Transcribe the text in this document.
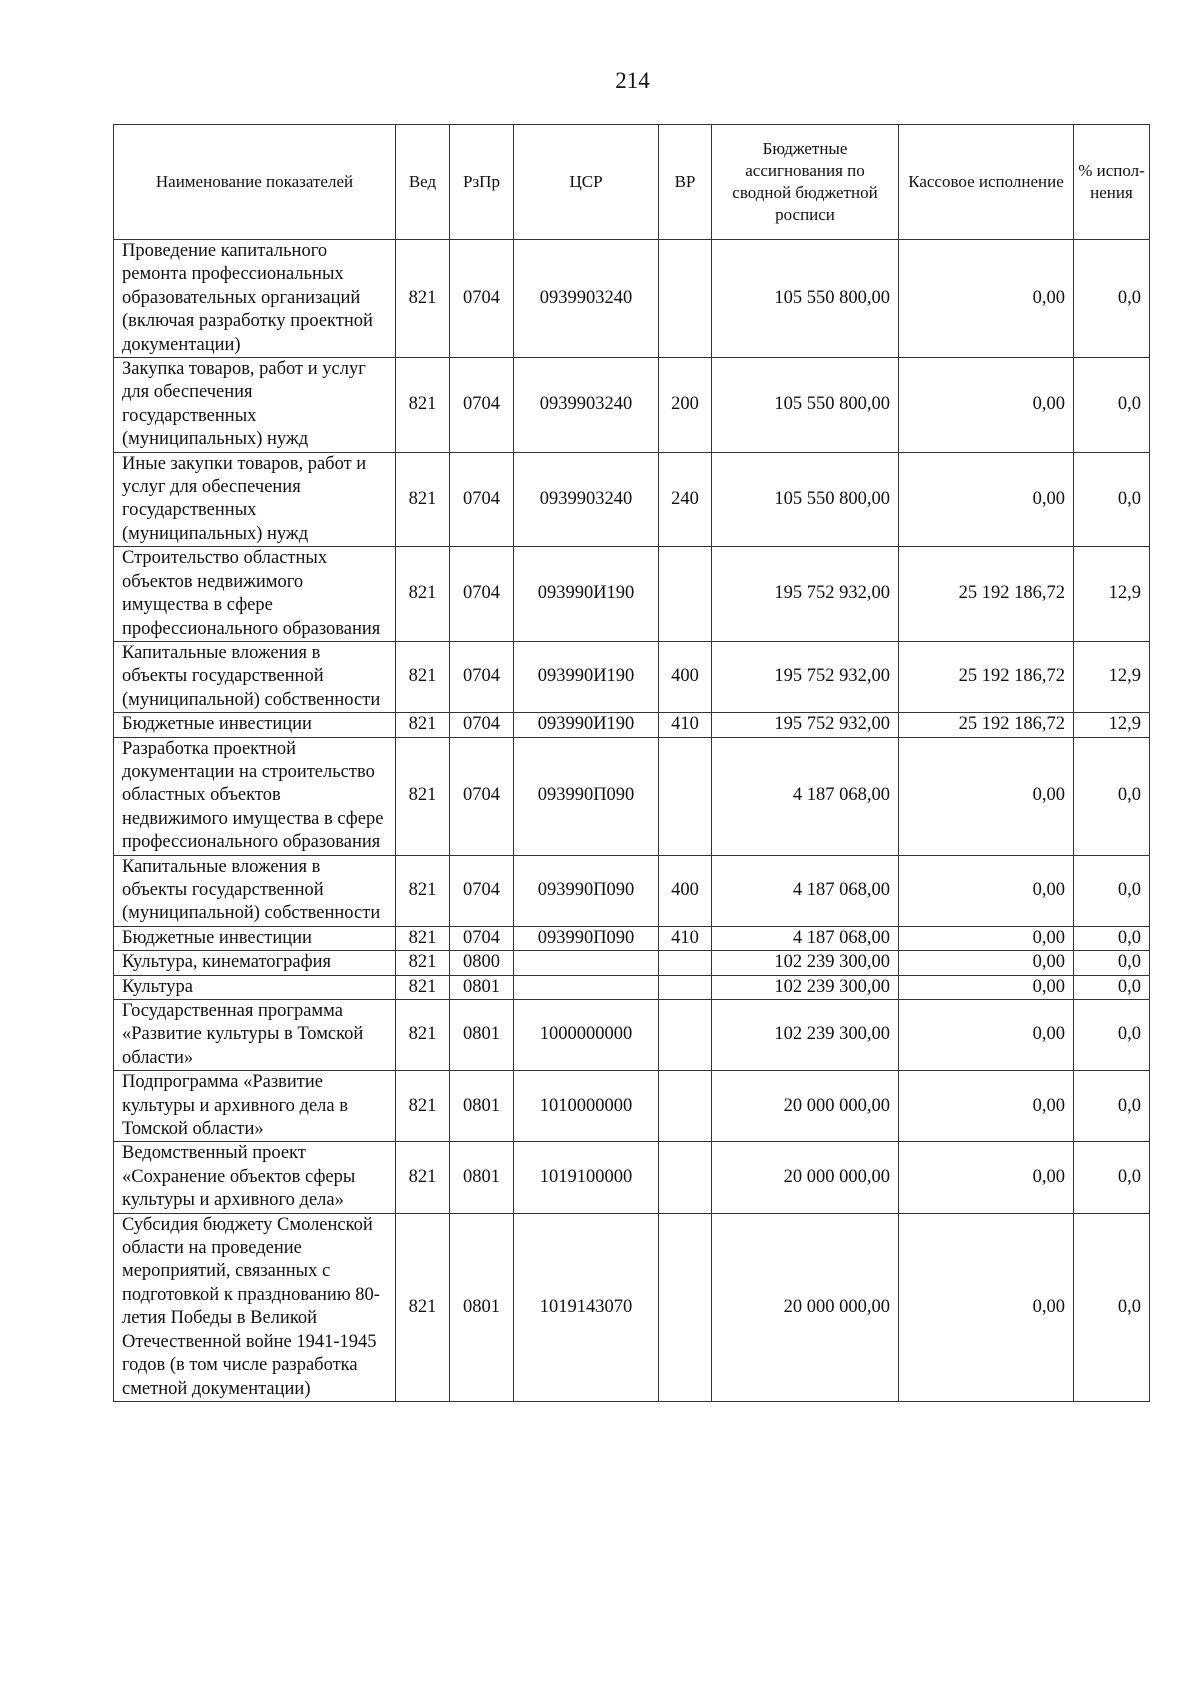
214
Наименование показателей	Вед	РзПр	ЦСР	ВР	Бюджетные ассигнования по сводной бюджетной росписи	Кассовое исполнение	% испол-нения
Проведение капитального ремонта профессиональных образовательных организаций (включая разработку проектной документации)	821	0704	0939903240		105 550 800,00	0,00	0,0
Закупка товаров, работ и услуг для обеспечения государственных (муниципальных) нужд	821	0704	0939903240	200	105 550 800,00	0,00	0,0
Иные закупки товаров, работ и услуг для обеспечения государственных (муниципальных) нужд	821	0704	0939903240	240	105 550 800,00	0,00	0,0
Строительство областных объектов недвижимого имущества в сфере профессионального образования	821	0704	093990И190		195 752 932,00	25 192 186,72	12,9
Капитальные вложения в объекты государственной (муниципальной) собственности	821	0704	093990И190	400	195 752 932,00	25 192 186,72	12,9
Бюджетные инвестиции	821	0704	093990И190	410	195 752 932,00	25 192 186,72	12,9
Разработка проектной документации на строительство областных объектов недвижимого имущества в сфере профессионального образования	821	0704	093990П090		4 187 068,00	0,00	0,0
Капитальные вложения в объекты государственной (муниципальной) собственности	821	0704	093990П090	400	4 187 068,00	0,00	0,0
Бюджетные инвестиции	821	0704	093990П090	410	4 187 068,00	0,00	0,0
Культура, кинематография	821	0800			102 239 300,00	0,00	0,0
Культура	821	0801			102 239 300,00	0,00	0,0
Государственная программа «Развитие культуры в Томской области»	821	0801	1000000000		102 239 300,00	0,00	0,0
Подпрограмма «Развитие культуры и архивного дела в Томской области»	821	0801	1010000000		20 000 000,00	0,00	0,0
Ведомственный проект «Сохранение объектов сферы культуры и архивного дела»	821	0801	1019100000		20 000 000,00	0,00	0,0
Субсидия бюджету Смоленской области на проведение мероприятий, связанных с подготовкой к празднованию 80-летия Победы в Великой Отечественной войне 1941-1945 годов (в том числе разработка сметной документации)	821	0801	1019143070		20 000 000,00	0,00	0,0
